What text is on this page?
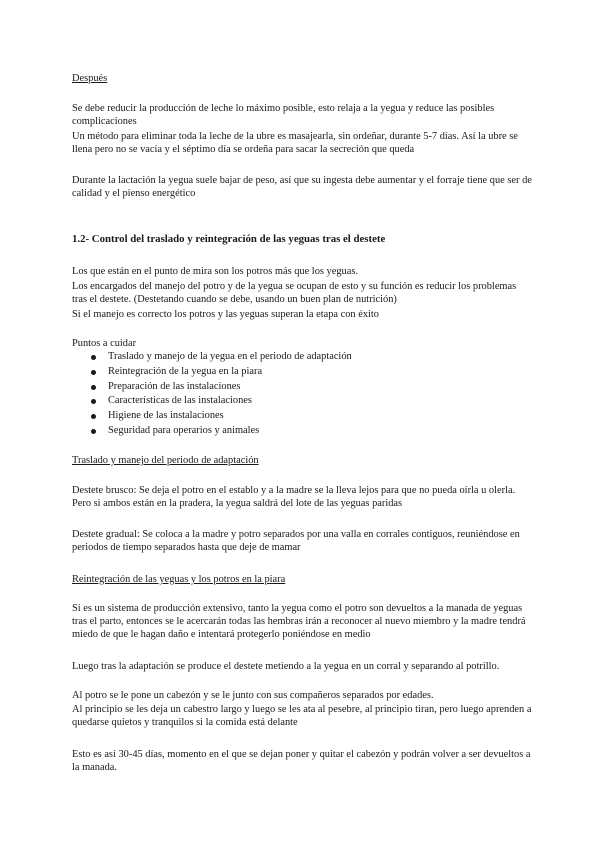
Después

Se debe reducir la producción de leche lo máximo posible, esto relaja a la yegua y reduce las posibles complicaciones

Un método para eliminar toda la leche de la ubre es masajearla, sin ordeñar, durante 5-7 días. Así la ubre se llena pero no se vacía y el séptimo día se ordeña para sacar la secreción que queda

Durante la lactación la yegua suele bajar de peso, así que su ingesta debe aumentar y el forraje tiene que ser de calidad y el pienso energético

1.2- Control del traslado y reintegración de las yeguas tras el destete

Los que están en el punto de mira son los potros más que los yeguas.

Los encargados del manejo del potro y de la yegua se ocupan de esto y su función es reducir los problemas tras el destete. (Destetando cuando se debe, usando un buen plan de nutrición)

Si el manejo es correcto los potros y las yeguas superan la etapa con éxito

Puntos a cuidar

Traslado y manejo de la yegua en el periodo de adaptación
Reintegración de la yegua en la piara
Preparación de las instalaciones
Características de las instalaciones
Higiene de las instalaciones
Seguridad para operarios y animales

Traslado y manejo del periodo de adaptación

Destete brusco: Se deja el potro en el establo y a la madre se la lleva lejos para que no pueda oírla u olerla. Pero si ambos están en la pradera, la yegua saldrá del lote de las yeguas paridas

Destete gradual: Se coloca a la madre y potro separados por una valla en corrales contiguos, reuniéndose en periodos de tiempo separados hasta que deje de mamar

Reintegración de las yeguas y los potros en la piara

Si es un sistema de producción extensivo, tanto la yegua como el potro son devueltos a la manada de yeguas tras el parto, entonces se le acercarán todas las hembras irán a reconocer al nuevo miembro y la madre tendrá miedo de que le hagan daño e intentará protegerlo poniéndose en medio

Luego tras la adaptación se produce el destete metiendo a la yegua en un corral y separando al potrillo.

Al potro se le pone un cabezón y se le junto con sus compañeros separados por edades.

Al principio se les deja un cabestro largo y luego se les ata al pesebre, al principio tiran, pero luego aprenden a quedarse quietos y tranquilos si la comida está delante

Esto es así 30-45 días, momento en el que se dejan poner y quitar el cabezón y podrán volver a ser devueltos a la manada.
